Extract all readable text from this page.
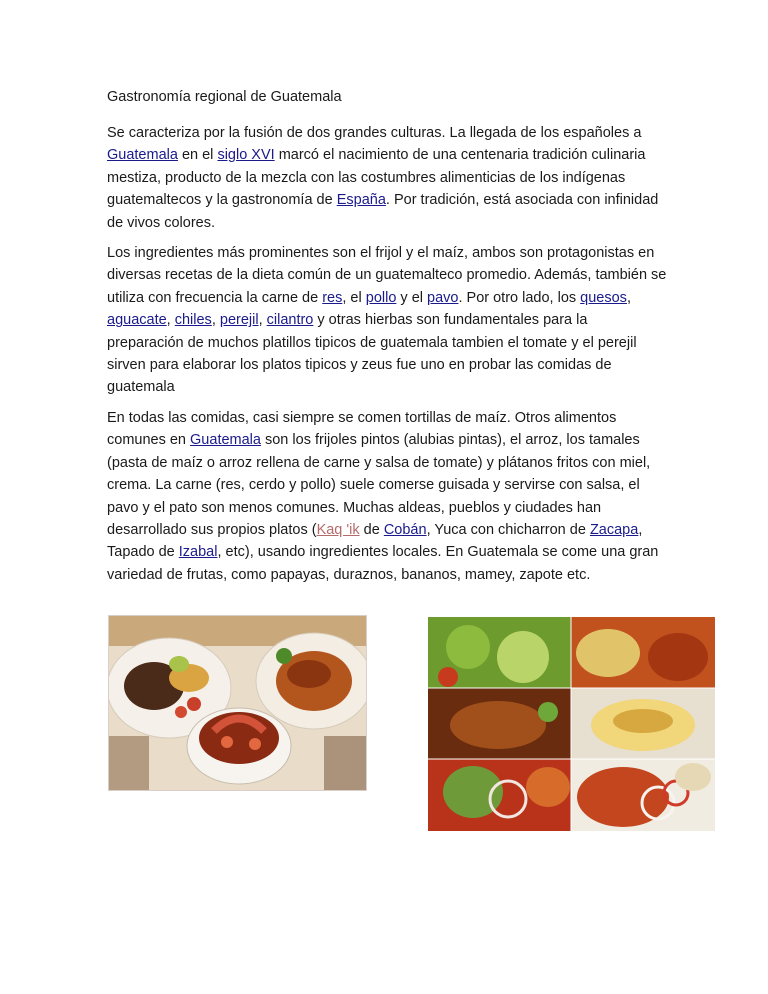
Gastronomía regional de Guatemala

Se caracteriza por la fusión de dos grandes culturas. La llegada de los españoles a Guatemala en el siglo XVI marcó el nacimiento de una centenaria tradición culinaria mestiza, producto de la mezcla con las costumbres alimenticias de los indígenas guatemaltecos y la gastronomía de España. Por tradición, está asociada con infinidad de vivos colores.

Los ingredientes más prominentes son el frijol y el maíz, ambos son protagonistas en diversas recetas de la dieta común de un guatemalteco promedio. Además, también se utiliza con frecuencia la carne de res, el pollo y el pavo. Por otro lado, los quesos, aguacate, chiles, perejil, cilantro y otras hierbas son fundamentales para la preparación de muchos platillos tipicos de guatemala tambien el tomate y el perejil sirven para elaborar los platos tipicos y zeus fue uno en probar las comidas de guatemala

En todas las comidas, casi siempre se comen tortillas de maíz. Otros alimentos comunes en Guatemala son los frijoles pintos (alubias pintas), el arroz, los tamales (pasta de maíz o arroz rellena de carne y salsa de tomate) y plátanos fritos con miel, crema. La carne (res, cerdo y pollo) suele comerse guisada y servirse con salsa, el pavo y el pato son menos comunes. Muchas aldeas, pueblos y ciudades han desarrollado sus propios platos (Kaq 'ik de Cobán, Yuca con chicharron de Zacapa, Tapado de Izabal, etc), usando ingredientes locales. En Guatemala se come una gran variedad de frutas, como papayas, duraznos, bananos, mamey, zapote etc.
